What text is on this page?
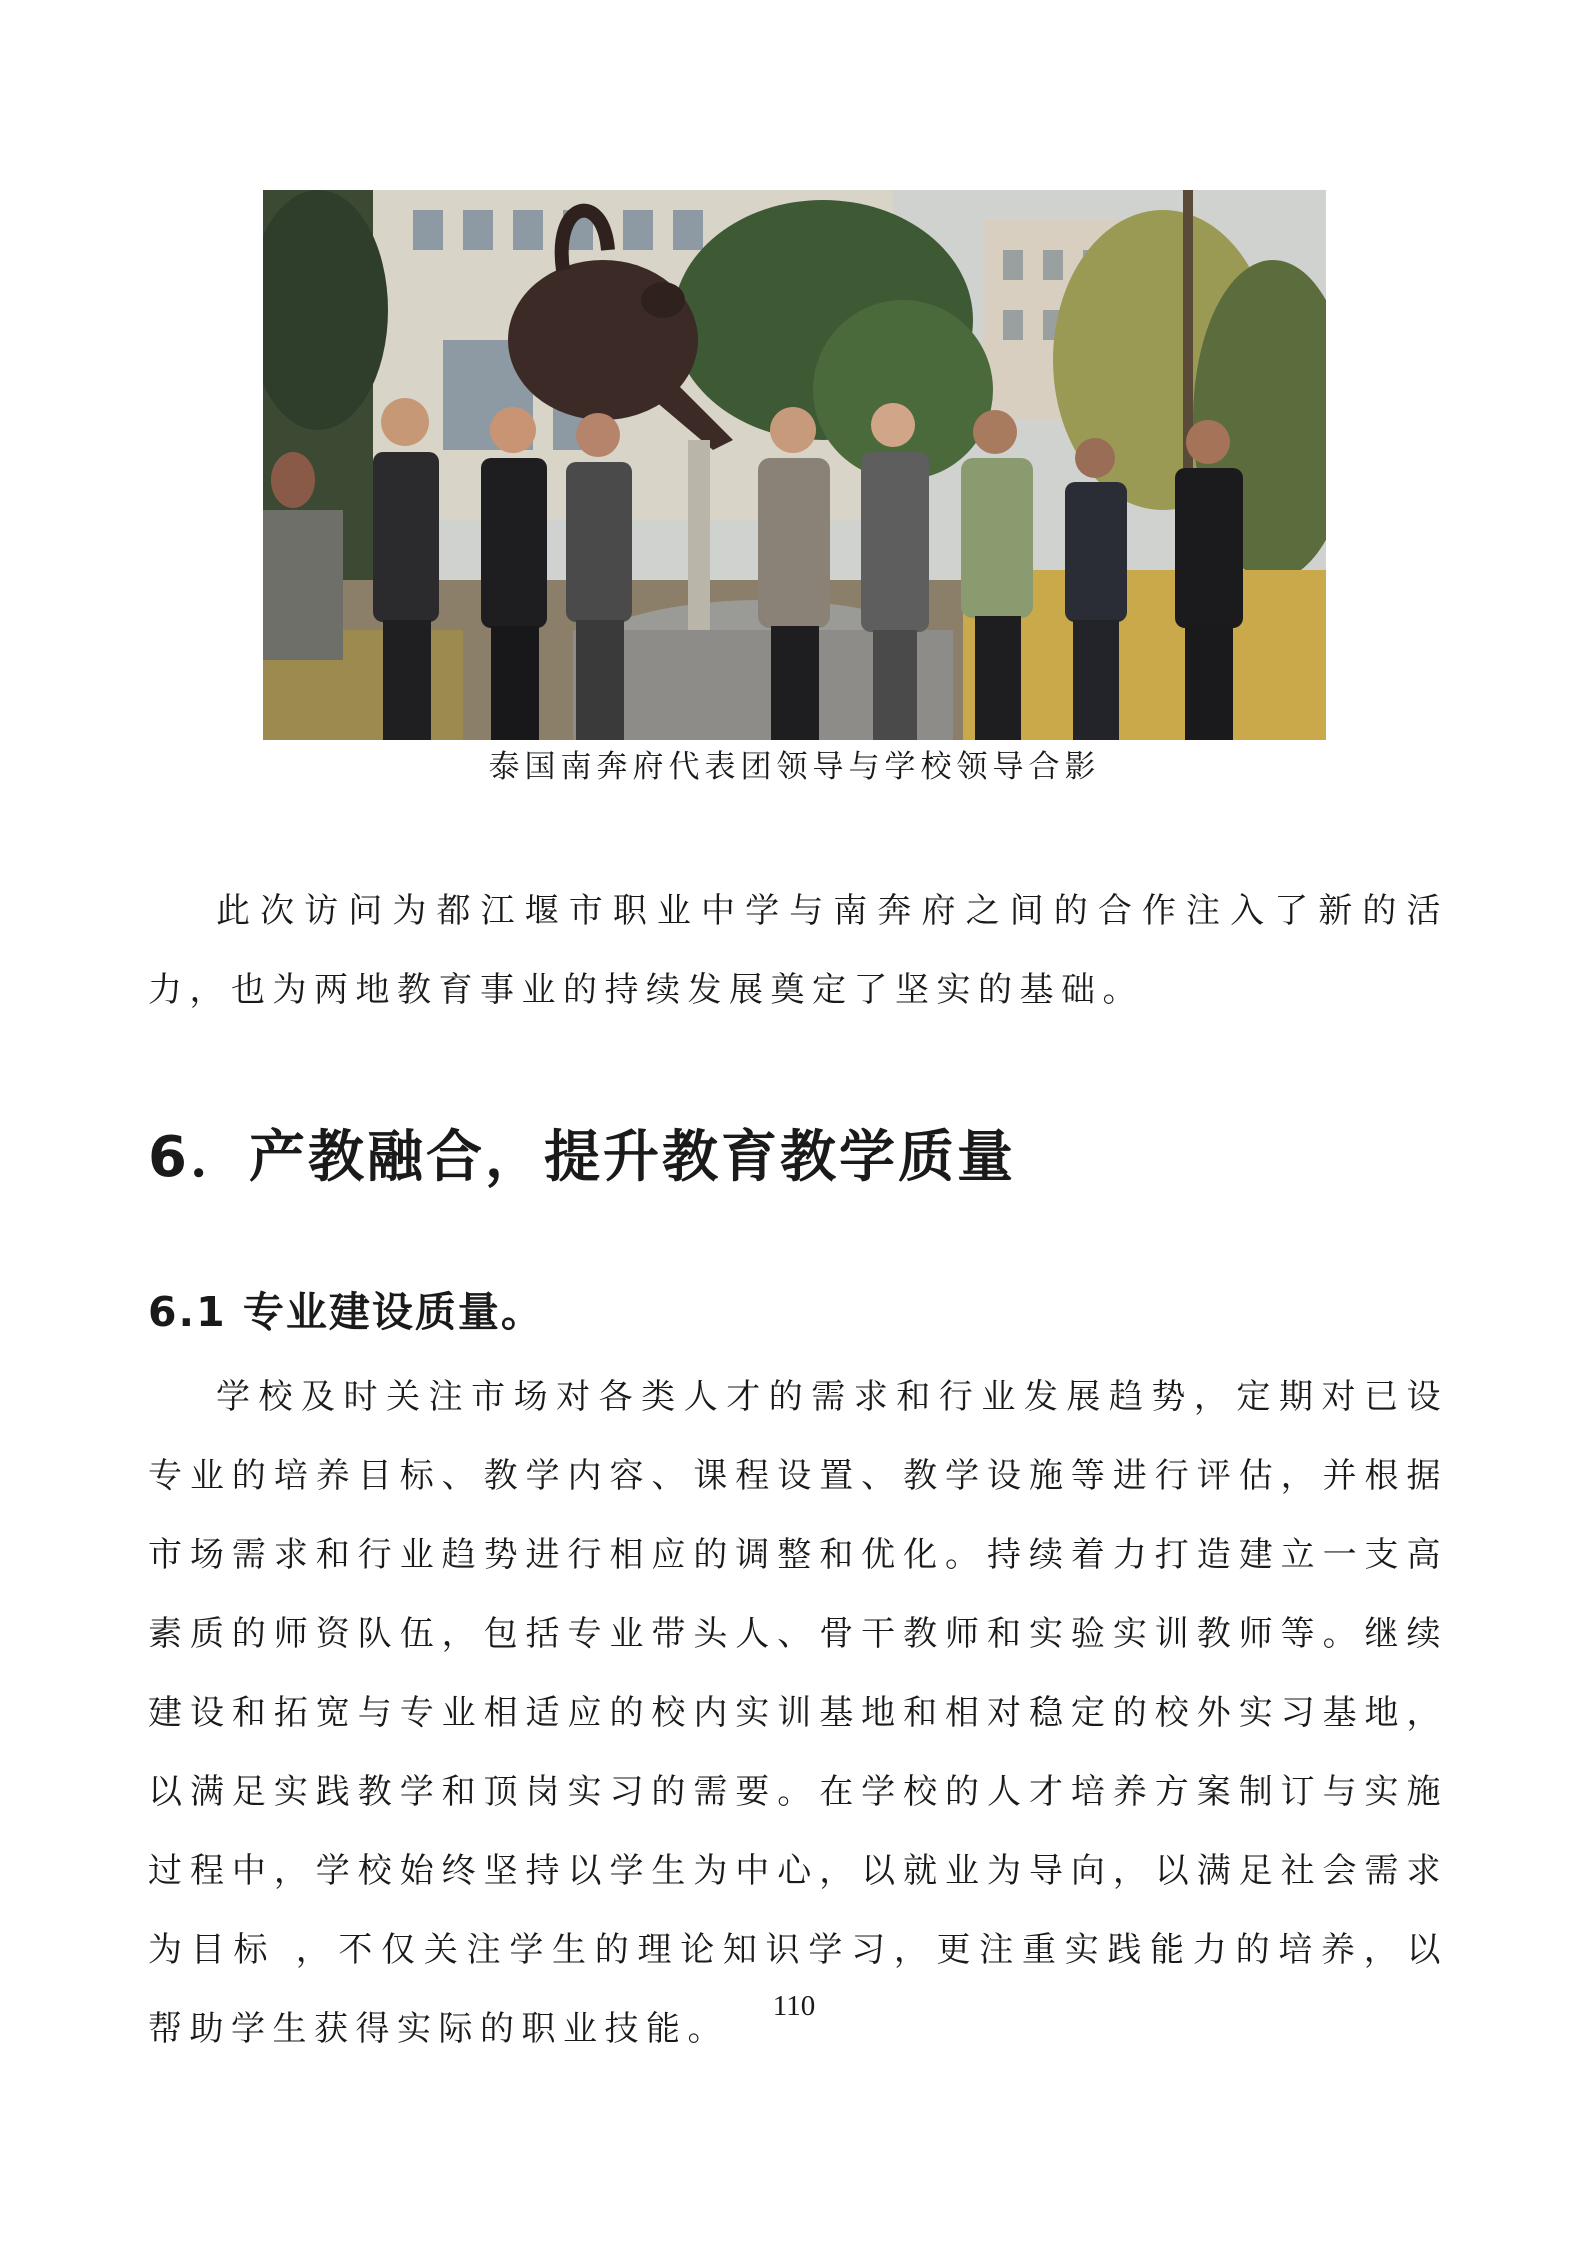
泰国南奔府代表团领导与学校领导合影

此次访问为都江堰市职业中学与南奔府之间的合作注入了新的活力，也为两地教育事业的持续发展奠定了坚实的基础。

6．产教融合，提升教育教学质量
6.1 专业建设质量。

学校及时关注市场对各类人才的需求和行业发展趋势，定期对已设专业的培养目标、教学内容、课程设置、教学设施等进行评估，并根据市场需求和行业趋势进行相应的调整和优化。持续着力打造建立一支高素质的师资队伍，包括专业带头人、骨干教师和实验实训教师等。继续建设和拓宽与专业相适应的校内实训基地和相对稳定的校外实习基地，以满足实践教学和顶岗实习的需要。在学校的人才培养方案制订与实施过程中，学校始终坚持以学生为中心，以就业为导向，以满足社会需求为目标 ，不仅关注学生的理论知识学习，更注重实践能力的培养，以帮助学生获得实际的职业技能。

110
